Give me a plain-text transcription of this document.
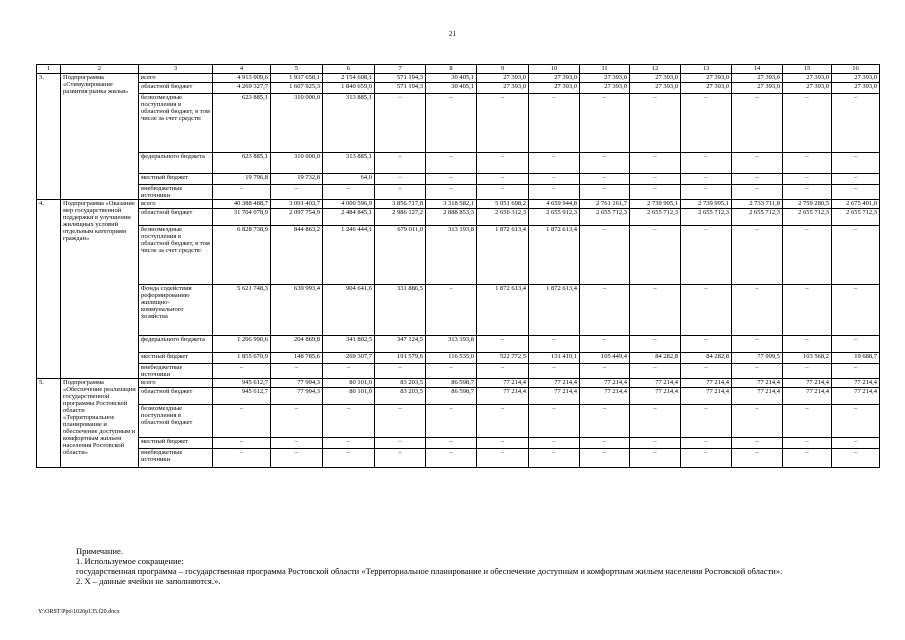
21
1	2	3	4	5	6	7	8	9	10	11	12	13	14	15	16
3.	Подпрограмма «Стимулирование развития рынка жилья»	всего	4 913 009,6	1 937 658,1	2 154 608,1	571 194,3	30 405,1	27 393,0	27 393,0	27 393,0	27 393,0	27 393,0	27 393,0	27 393,0	27 393,0
		областной бюджет	4 269 327,7	1 607 925,3	1 840 659,0	571 194,3	30 405,1	27 393,0	27 393,0	27 393,0	27 393,0	27 393,0	27 393,0	27 393,0	27 393,0
		безвозмездные поступления в областной бюджет, в том числе за счет средств:	623 885,1	310 000,0	313 885,1	–	–	–	–	–	–	–	–	–	–
		федерального бюджета	623 885,1	310 000,0	313 885,1	–	–	–	–	–	–	–	–	–	–
		местный бюджет	19 796,8	19 732,8	64,0	–	–	–	–	–	–	–	–	–	–
		внебюджетные источники	–	–	–	–	–	–	–	–	–	–	–	–	–
4.	Подпрограмма «Оказание мер государственной поддержки в улучшении жилищных условий отдельным категориям граждан»	всего	40 388 488,7	3 091 403,7	4 000 596,9	3 856 717,8	3 318 582,1	5 051 698,2	4 659 944,8	2 761 161,7	2 739 995,1	2 739 995,1	2 733 711,8	2 759 280,5	2 675 401,0
		областной бюджет	31 704 078,9	2 097 754,9	2 484 845,1	2 986 127,2	2 888 853,3	2 656 312,3	2 655 912,3	2 655 712,3	2 655 712,3	2 655 712,3	2 655 712,3	2 655 712,3	2 655 712,3
		безвозмездные поступления в областной бюджет, в том числе за счет средств:	6 828 738,9	844 863,2	1 246 444,1	679 011,0	313 193,8	1 872 613,4	1 872 613,4	–	–	–	–	–	–
		Фонда содействия реформированию жилищно-коммунального хозяйства	5 621 748,3	639 993,4	904 641,6	331 886,5	–	1 872 613,4	1 872 613,4	–	–	–	–	–	–
		федерального бюджета	1 206 990,6	204 869,8	341 802,5	347 124,5	313 193,8	–	–	–	–	–	–	–	–
		местный бюджет	1 855 670,9	148 785,6	269 307,7	191 579,6	116 535,0	522 772,5	131 419,1	105 449,4	84 282,8	84 282,8	77 999,5	103 568,2	19 688,7
		внебюджетные источники	–	–	–	–	–	–	–	–	–	–	–	–	–
5.	Подпрограмма «Обеспечение реализации государственной программы Ростовской области «Территориальное планирование и обеспечение доступным и комфортным жильем населения Ростовской области»	всего	945 612,7	77 994,3	80 101,0	83 203,5	86 598,7	77 214,4	77 214,4	77 214,4	77 214,4	77 214,4	77 214,4	77 214,4	77 214,4
		областной бюджет	945 612,7	77 994,3	80 101,0	83 203,5	86 598,7	77 214,4	77 214,4	77 214,4	77 214,4	77 214,4	77 214,4	77 214,4	77 214,4
		безвозмездные поступления в областной бюджет	–	–	–	–	–	–	–	–	–	–	–	–	–
		местный бюджет	–	–	–	–	–	–	–	–	–	–	–	–	–
		внебюджетные источники	–	–	–	–	–	–	–	–	–	–	–	–	–

Примечание.

1. Используемое сокращение:

государственная программа – государственная программа Ростовской области «Территориальное планирование и обеспечение доступным и комфортным жильем населения Ростовской области».

2. Х – данные ячейки не заполняются.».

Y:\ORST\Ppo\1026p135.f20.docx
